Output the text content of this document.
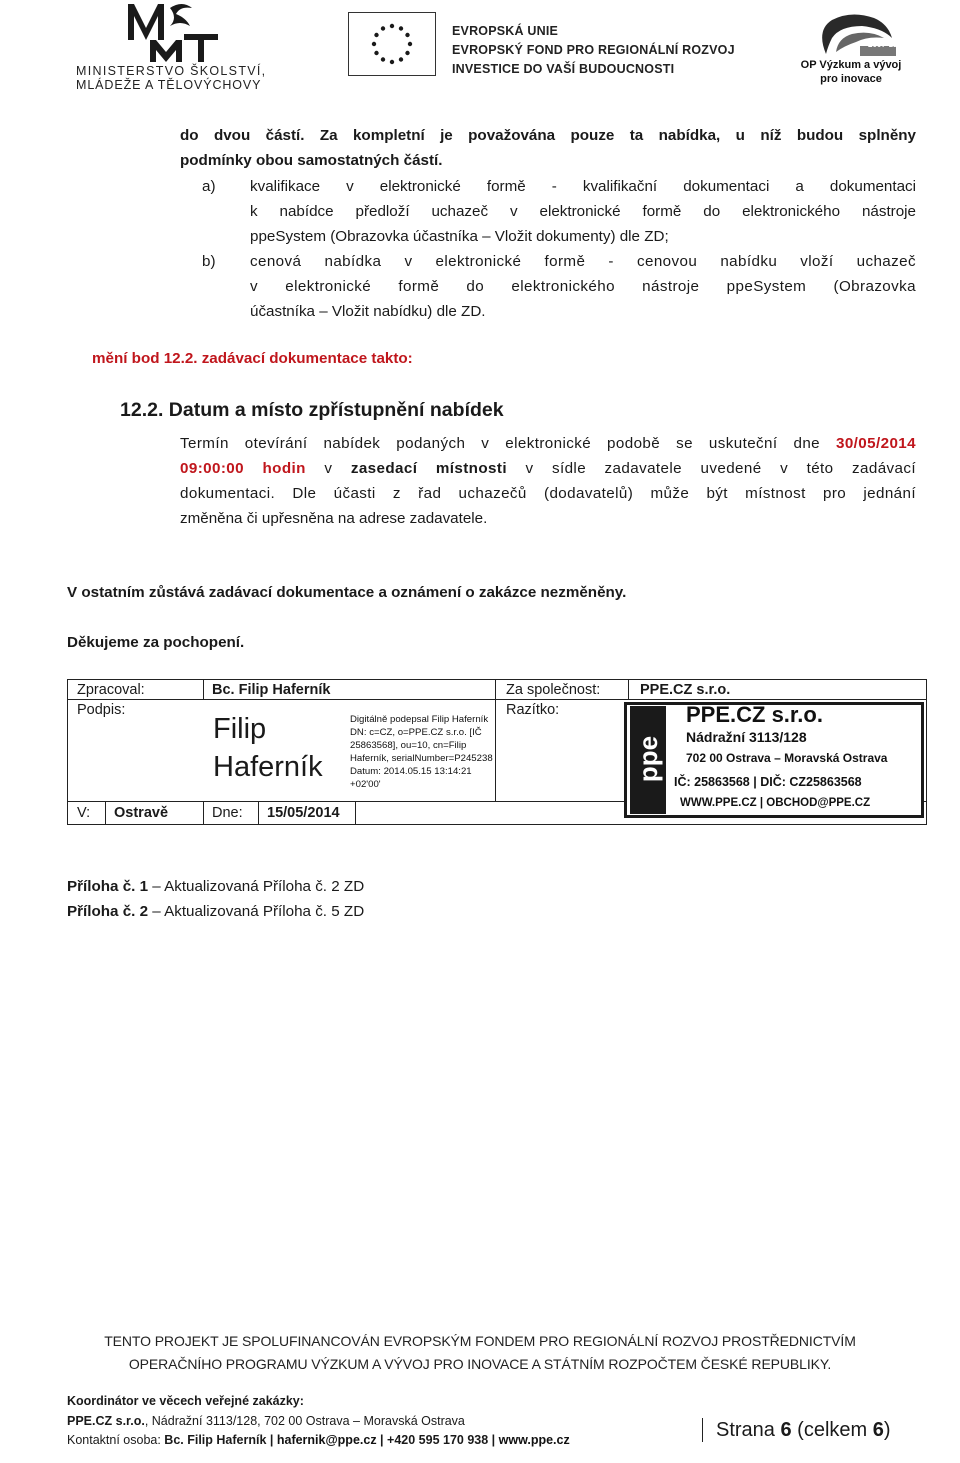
MINISTERSTVO ŠKOLSTVÍ,
MLÁDEŽE A TĚLOVÝCHOVY
EVROPSKÁ UNIE
EVROPSKÝ FOND PRO REGIONÁLNÍ ROZVOJ
INVESTICE DO VAŠÍ BUDOUCNOSTI
2007-13
OP Výzkum a vývoj
pro inovace
do dvou částí. Za kompletní je považována pouze ta nabídka, u níž budou splněny
podmínky obou samostatných částí.
a) kvalifikace v elektronické formě - kvalifikační dokumentaci a dokumentaci
k nabídce předloží uchazeč v elektronické formě do elektronického nástroje
ppeSystem (Obrazovka účastníka – Vložit dokumenty) dle ZD;
b) cenová nabídka v elektronické formě - cenovou nabídku vloží uchazeč
v elektronické formě do elektronického nástroje ppeSystem (Obrazovka
účastníka – Vložit nabídku) dle ZD.
mění bod 12.2. zadávací dokumentace takto:
12.2. Datum a místo zpřístupnění nabídek
Termín otevírání nabídek podaných v elektronické podobě se uskuteční dne 30/05/2014
09:00:00 hodin v zasedací místnosti v sídle zadavatele uvedené v této zadávací
dokumentaci. Dle účasti z řad uchazečů (dodavatelů) může být místnost pro jednání
změněna či upřesněna na adrese zadavatele.
V ostatním zůstává zadávací dokumentace a oznámení o zakázce nezměněny.
Děkujeme za pochopení.
Zpracoval:	Bc. Filip Haferník	Za společnost:	PPE.CZ s.r.o.
Podpis:	Razítko:
V: Ostravě	Dne: 15/05/2014
Filip
Haferník
Digitálně podepsal Filip Haferník
DN: c=CZ, o=PPE.CZ s.r.o. [IČ
25863568], ou=10, cn=Filip
Haferník, serialNumber=P245238
Datum: 2014.05.15 13:14:21
+02'00'
ppe
PPE.CZ s.r.o.
Nádražní 3113/128
702 00 Ostrava – Moravská Ostrava
IČ: 25863568 | DIČ: CZ25863568
WWW.PPE.CZ | OBCHOD@PPE.CZ
Příloha č. 1 – Aktualizovaná Příloha č. 2 ZD
Příloha č. 2 – Aktualizovaná Příloha č. 5 ZD
TENTO PROJEKT JE SPOLUFINANCOVÁN EVROPSKÝM FONDEM PRO REGIONÁLNÍ ROZVOJ PROSTŘEDNICTVÍM
OPERAČNÍHO PROGRAMU VÝZKUM A VÝVOJ PRO INOVACE A STÁTNÍM ROZPOČTEM ČESKÉ REPUBLIKY.
Koordinátor ve věcech veřejné zakázky:
PPE.CZ s.r.o., Nádražní 3113/128, 702 00 Ostrava – Moravská Ostrava
Kontaktní osoba: Bc. Filip Haferník | hafernik@ppe.cz | +420 595 170 938 | www.ppe.cz	Strana 6 (celkem 6)
